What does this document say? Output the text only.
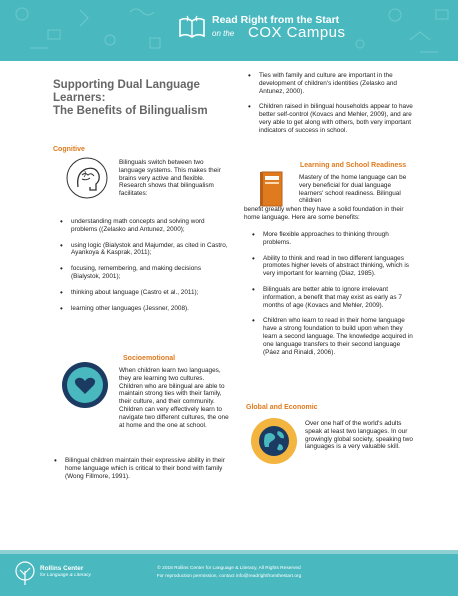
Read Right from the Start
on the COX Campus
Supporting Dual Language
Learners:
The Benefits of Bilingualism
Cognitive
Bilinguals switch between two language systems. This makes their brains very active and flexible. Research shows that bilingualism facilitates:
• understanding math concepts and solving word problems ((Zelasko and Antunez, 2000);
• using logic (Bialystok and Majumder, as cited in Castro, Ayankoya & Kasprak, 2011);
• focusing, remembering, and making decisions (Bialystok, 2001);
• thinking about language (Castro et al., 2011);
• learning other languages (Jessner, 2008).
Socioemotional
When children learn two languages, they are learning two cultures. Children who are bilingual are able to maintain strong ties with their family, their culture, and their community. Children can very effectively learn to navigate two different cultures, the one at home and the one at school.
• Bilingual children maintain their expressive ability in their home language which is critical to their bond with family (Wong Fillmore, 1991).
• Ties with family and culture are important in the development of children's identities (Zelasko and Antunez, 2000).
• Children raised in bilingual households appear to have better self-control (Kovacs and Mehler, 2009), and are very able to get along with others, both very important indicators of success in school.
Learning and School Readiness
Mastery of the home language can be very beneficial for dual language learners' school readiness. Bilingual children
benefit greatly when they have a solid foundation in their home language. Here are some benefits:
• More flexible approaches to thinking through problems.
• Ability to think and read in two different languages promotes higher levels of abstract thinking, which is very important for learning (Diaz, 1985).
• Bilinguals are better able to ignore irrelevant information, a benefit that may exist as early as 7 months of age (Kovacs and Mehler, 2009).
• Children who learn to read in their home language have a strong foundation to build upon when they learn a second language. The knowledge acquired in one language transfers to their second language (Páez and Rinaldi, 2006).
Global and Economic
Over one half of the world's adults speak at least two languages. In our growingly global society, speaking two languages is a very valuable skill.
Rollins Center
for Language & Literacy
© 2018 Rollins Center for Language & Literacy, All Rights Reserved
For reproduction permission, contact info@readrightfromthestart.org
